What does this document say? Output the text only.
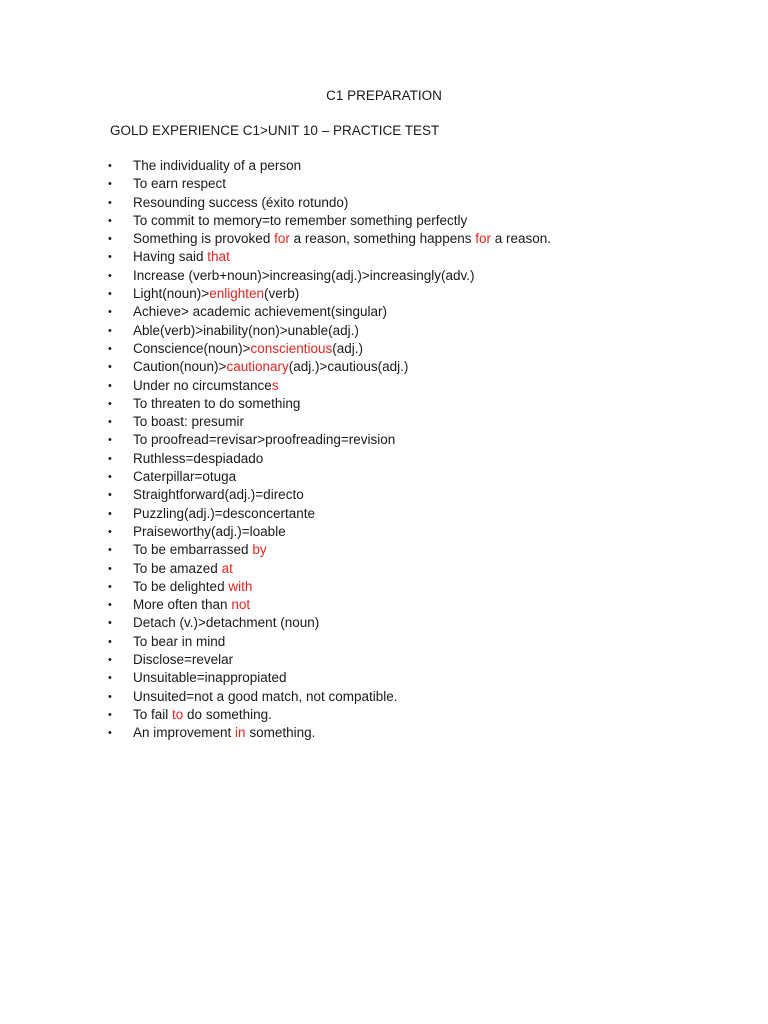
C1 PREPARATION
GOLD EXPERIENCE C1>UNIT 10 – PRACTICE TEST
• The individuality of a person
• To earn respect
• Resounding success (éxito rotundo)
• To commit to memory=to remember something perfectly
• Something is provoked for a reason, something happens for a reason.
• Having said that
• Increase (verb+noun)>increasing(adj.)>increasingly(adv.)
• Light(noun)>enlighten(verb)
• Achieve> academic achievement(singular)
• Able(verb)>inability(non)>unable(adj.)
• Conscience(noun)>conscientious(adj.)
• Caution(noun)>cautionary(adj.)>cautious(adj.)
• Under no circumstances
• To threaten to do something
• To boast: presumir
• To proofread=revisar>proofreading=revision
• Ruthless=despiadado
• Caterpillar=otuga
• Straightforward(adj.)=directo
• Puzzling(adj.)=desconcertante
• Praiseworthy(adj.)=loable
• To be embarrassed by
• To be amazed at
• To be delighted with
• More often than not
• Detach (v.)>detachment (noun)
• To bear in mind
• Disclose=revelar
• Unsuitable=inappropiated
• Unsuited=not a good match, not compatible.
• To fail to do something.
• An improvement in something.
